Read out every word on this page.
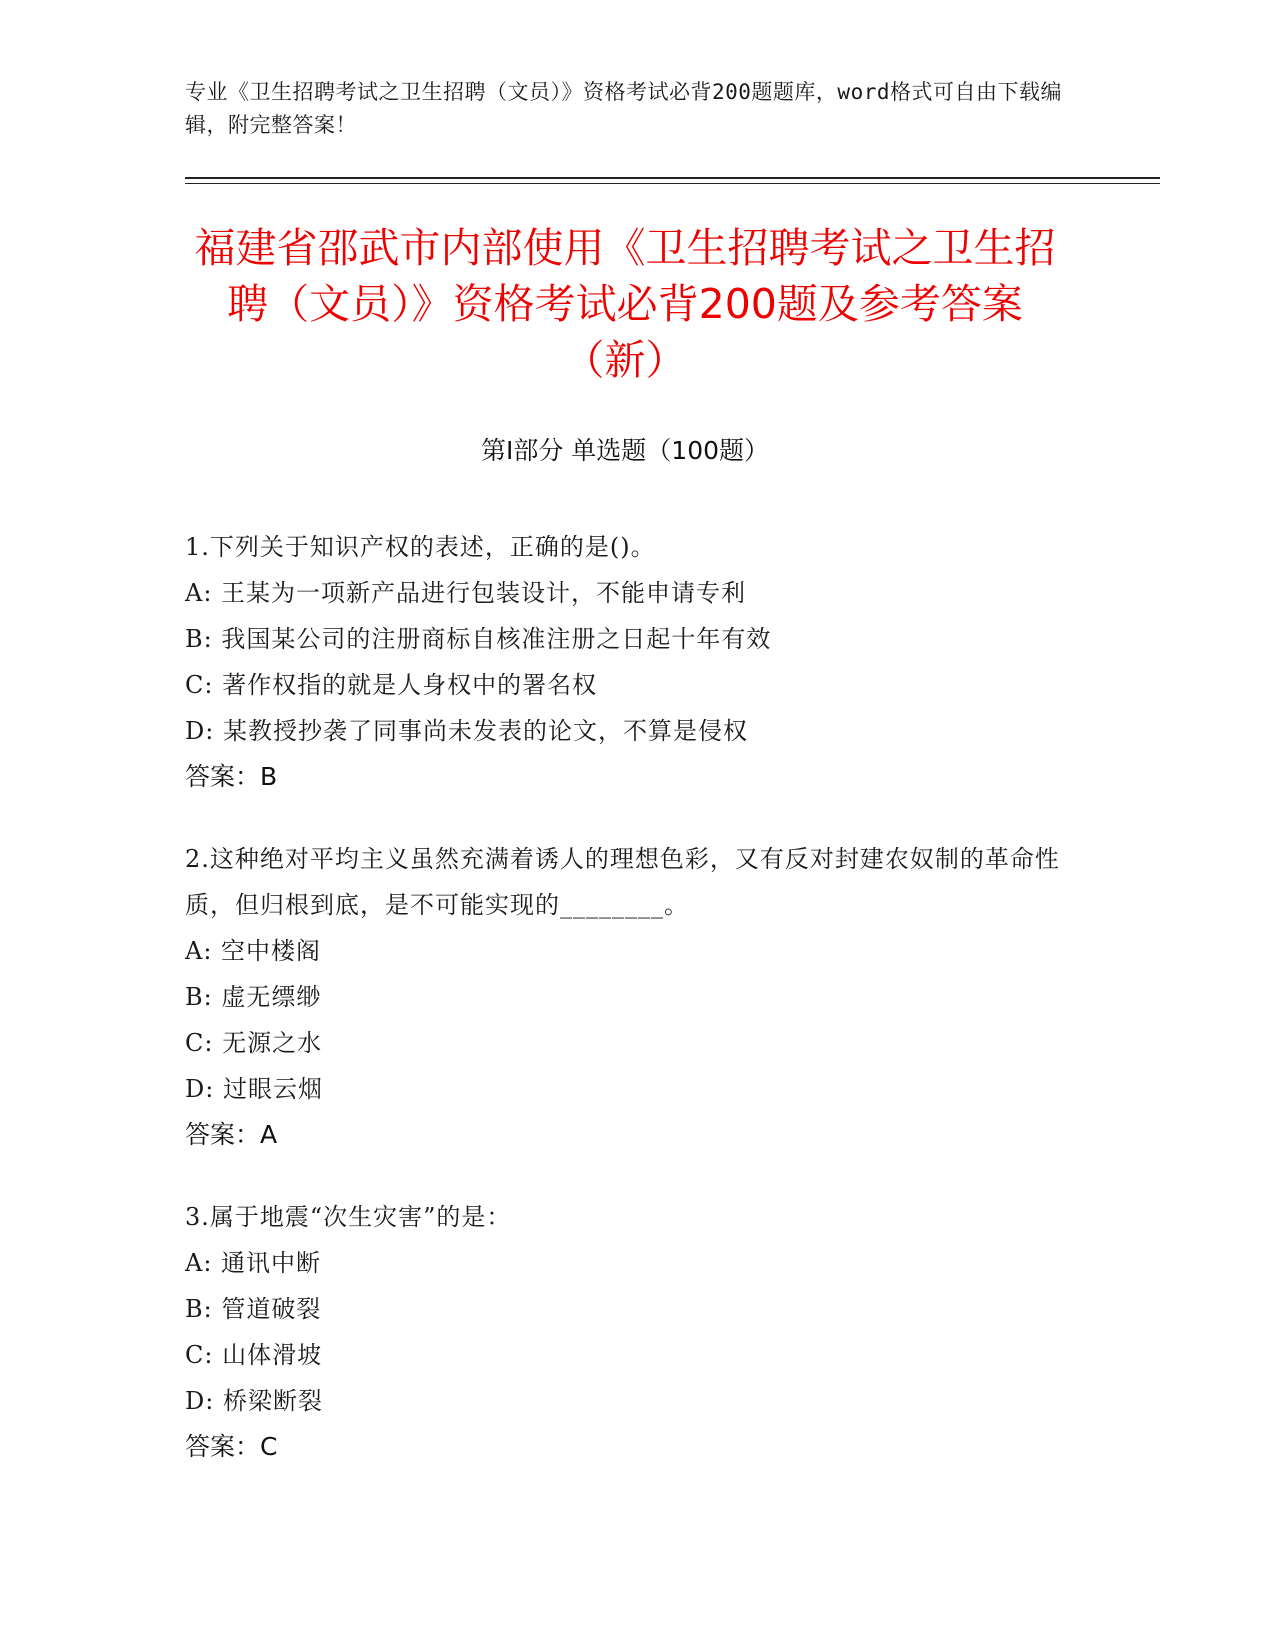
专业《卫生招聘考试之卫生招聘（文员）》资格考试必背200题题库，word格式可自由下载编辑，附完整答案！
福建省邵武市内部使用《卫生招聘考试之卫生招聘（文员）》资格考试必背200题及参考答案（新）
第Ⅰ部分 单选题（100题）
1.下列关于知识产权的表述，正确的是()。
A: 王某为一项新产品进行包装设计，不能申请专利
B: 我国某公司的注册商标自核准注册之日起十年有效
C: 著作权指的就是人身权中的署名权
D: 某教授抄袭了同事尚未发表的论文，不算是侵权
答案：B
2.这种绝对平均主义虽然充满着诱人的理想色彩，又有反对封建农奴制的革命性质，但归根到底，是不可能实现的________。
A: 空中楼阁
B: 虚无缥缈
C: 无源之水
D: 过眼云烟
答案：A
3.属于地震“次生灾害”的是：
A: 通讯中断
B: 管道破裂
C: 山体滑坡
D: 桥梁断裂
答案：C
